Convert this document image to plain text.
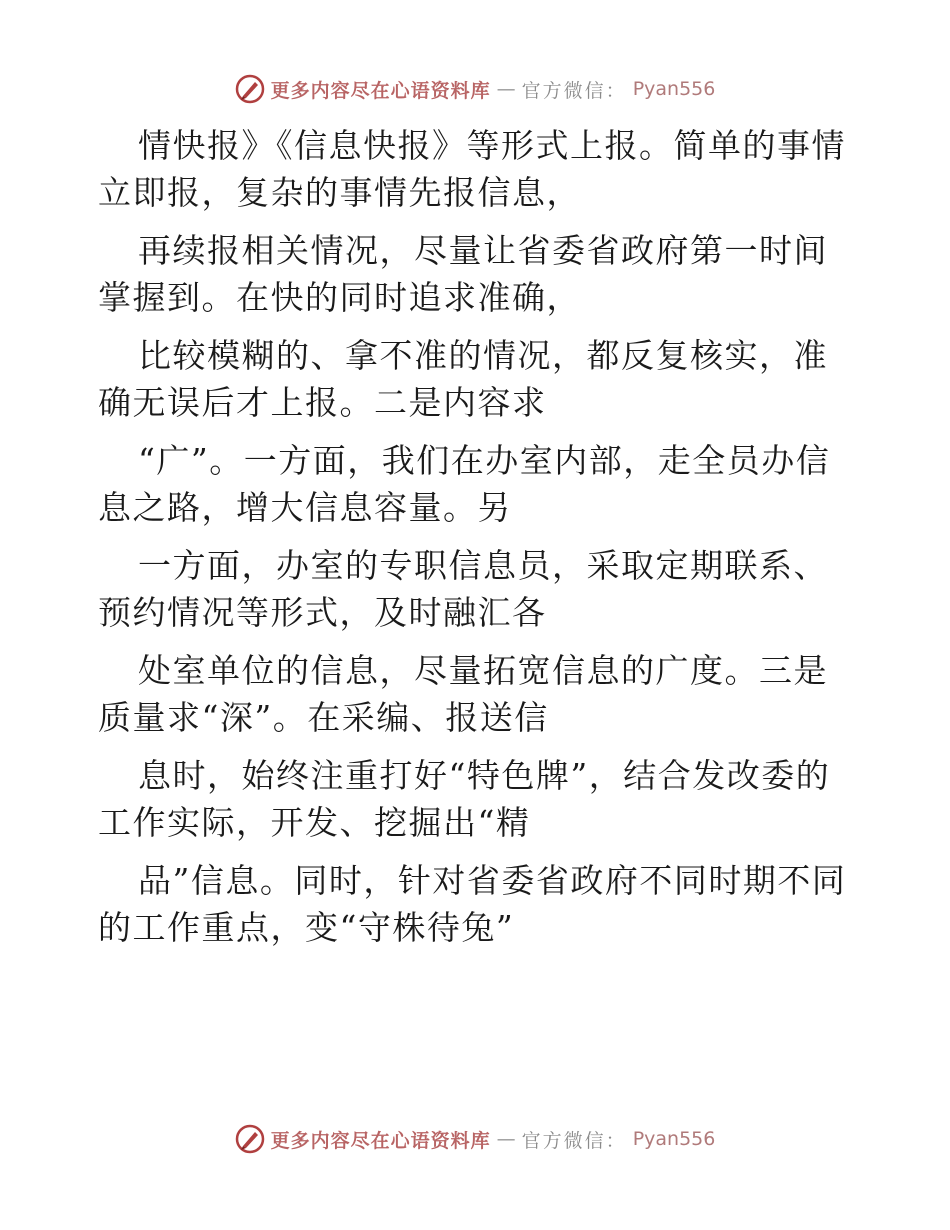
更多内容尽在心语资料库 — 官方微信： Pyan556

情快报》《信息快报》等形式上报。简单的事情立即报，复杂的事情先报信息，

再续报相关情况，尽量让省委省政府第一时间掌握到。在快的同时追求准确，

比较模糊的、拿不准的情况，都反复核实，准确无误后才上报。二是内容求

“广”。一方面，我们在办室内部，走全员办信息之路，增大信息容量。另

一方面，办室的专职信息员，采取定期联系、预约情况等形式，及时融汇各

处室单位的信息，尽量拓宽信息的广度。三是质量求“深”。在采编、报送信

息时，始终注重打好“特色牌”，结合发改委的工作实际，开发、挖掘出“精

品”信息。同时，针对省委省政府不同时期不同的工作重点，变“守株待兔”

更多内容尽在心语资料库 — 官方微信： Pyan556
